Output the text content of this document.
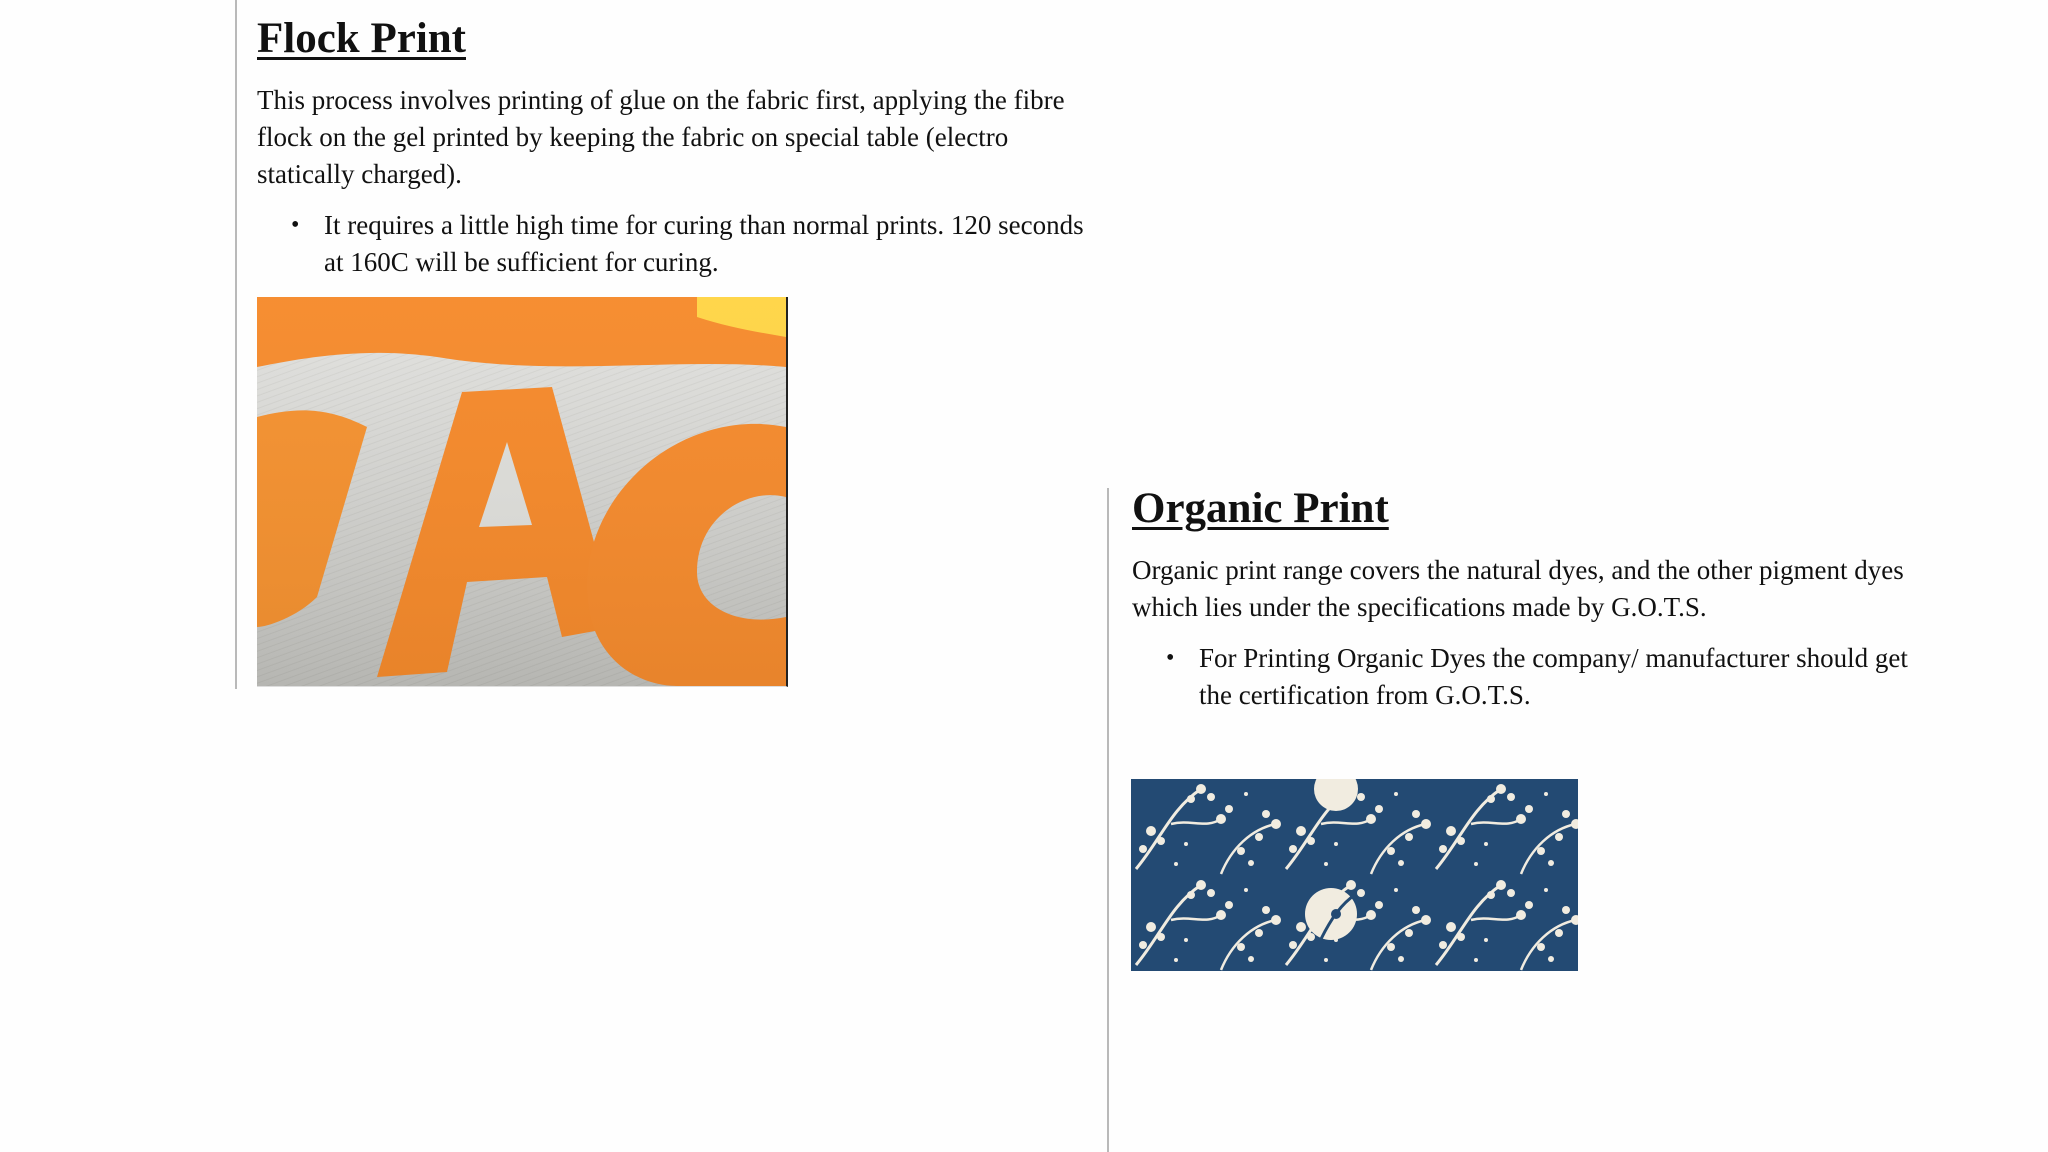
Flock Print

This process involves printing of glue on the fabric first, applying the fibre flock on the gel printed by keeping the fabric on special table (electro statically charged).

• It requires a little high time for curing than normal prints. 120 seconds at 160C will be sufficient for curing.
Organic Print

Organic print range covers the natural dyes, and the other pigment dyes which lies under the specifications made by G.O.T.S.

• For Printing Organic Dyes the company/ manufacturer should get the certification from G.O.T.S.
